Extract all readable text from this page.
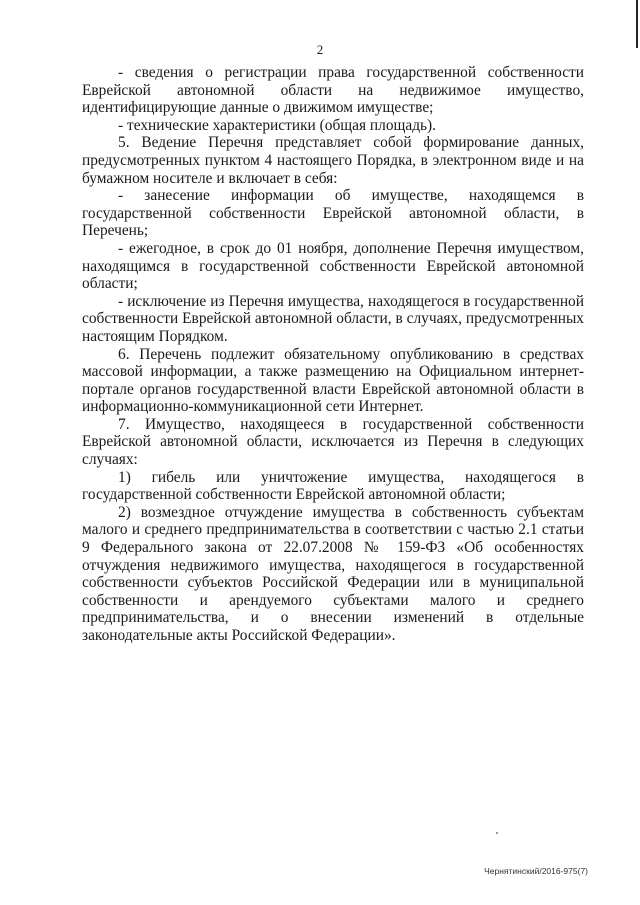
2

- сведения о регистрации права государственной собственности Еврейской автономной области на недвижимое имущество, идентифицирующие данные о движимом имуществе;

- технические характеристики (общая площадь).

5. Ведение Перечня представляет собой формирование данных, предусмотренных пунктом 4 настоящего Порядка, в электронном виде и на бумажном носителе и включает в себя:

- занесение информации об имуществе, находящемся в государственной собственности Еврейской автономной области, в Перечень;

- ежегодное, в срок до 01 ноября, дополнение Перечня имуществом, находящимся в государственной собственности Еврейской автономной области;

- исключение из Перечня имущества, находящегося в государственной собственности Еврейской автономной области, в случаях, предусмотренных настоящим Порядком.

6. Перечень подлежит обязательному опубликованию в средствах массовой информации, а также размещению на Официальном интернет-портале органов государственной власти Еврейской автономной области в информационно-коммуникационной сети Интернет.

7. Имущество, находящееся в государственной собственности Еврейской автономной области, исключается из Перечня в следующих случаях:

1) гибель или уничтожение имущества, находящегося в государственной собственности Еврейской автономной области;

2) возмездное отчуждение имущества в собственность субъектам малого и среднего предпринимательства в соответствии с частью 2.1 статьи 9 Федерального закона от 22.07.2008 № 159-ФЗ «Об особенностях отчуждения недвижимого имущества, находящегося в государственной собственности субъектов Российской Федерации или в муниципальной собственности и арендуемого субъектами малого и среднего предпринимательства, и о внесении изменений в отдельные законодательные акты Российской Федерации».

Чернятинский/2016-975(7)
